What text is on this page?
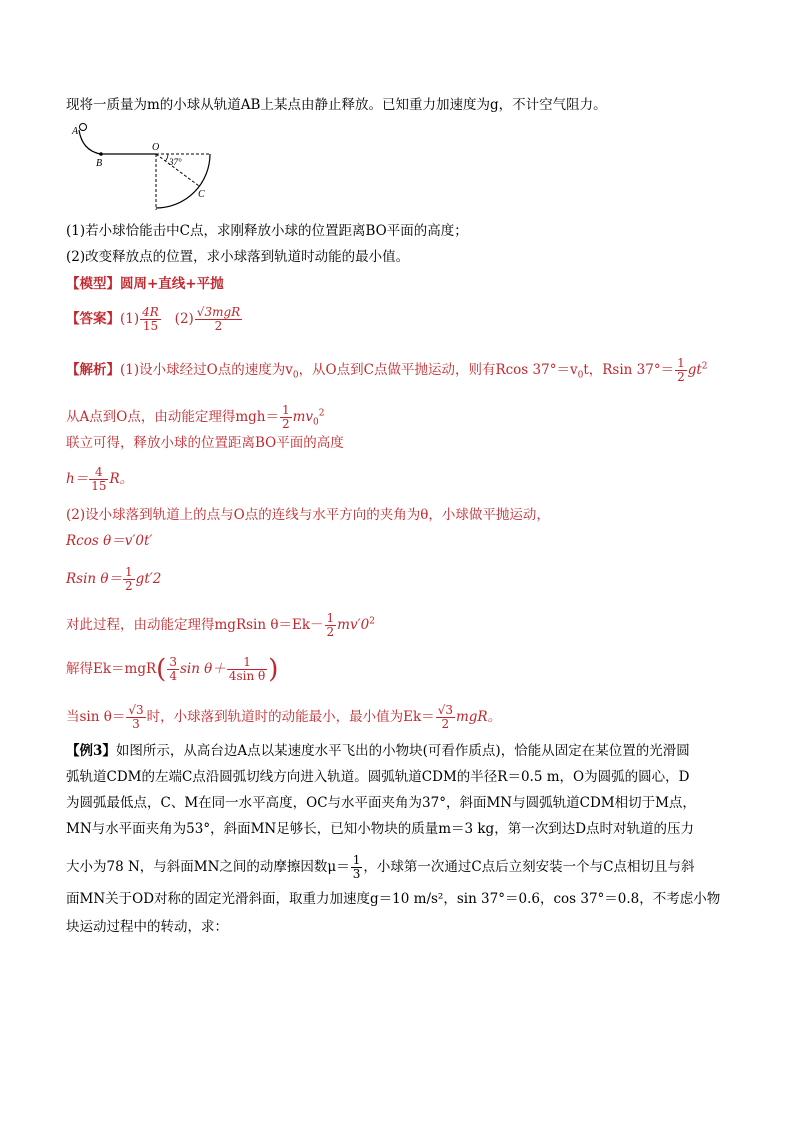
现将一质量为m的小球从轨道AB上某点由静止释放。已知重力加速度为g，不计空气阻力。
A
B
O
C
37°
(1)若小球恰能击中C点，求刚释放小球的位置距离BO平面的高度；
(2)改变释放点的位置，求小球落到轨道时动能的最小值。
【模型】圆周+直线+平抛
【答案】$(1) \frac{4R}{15} (2) \frac{\text{√3mgR}}{2}$
【解析】(1)设小球经过O点的速度为$v_0$，从O点到C点做平抛运动，则有Rcos $37^\circ=v_0t$，Rsin $37^\circ= \frac{1}{2} gt^2$
从A点到O点，由动能定理得$mgh= \frac{1}{2} mv_0^2$
联立可得，释放小球的位置距离BO平面的高度
$h= \frac{4}{15}$ R。
(2)设小球落到轨道上的点与O点的连线与水平方向的夹角为θ，小球做平抛运动，
Rcos θ＝v′0t′
Rsin $\theta= \frac{1}{2} gt'2$
对此过程，由动能定理得mgRsin $\theta=Ek- \frac{1}{2} mv'0^2$
解得$Ek=mgR( \frac{3}{4}$ $\sin \theta+ \frac{1}{\text{4sin θ}}$ )
当$\sin \theta= \frac{√3}{3}$ 时，小球落到轨道时的动能最小，最小值为$Ek= \frac{√3}{2}$ mgR。
【例3】如图所示，从高台边A点以某速度水平飞出的小物块(可看作质点)，恰能从固定在某位置的光滑圆
弧轨道CDM的左端C点沿圆弧切线方向进入轨道。圆弧轨道CDM的半径R＝0.5 m，O为圆弧的圆心，D
为圆弧最低点，C、M在同一水平高度，OC与水平面夹角为37°，斜面MN与圆弧轨道CDM相切于M点，
MN与水平面夹角为53°，斜面MN足够长，已知小物块的质量m＝3 kg，第一次到达D点时对轨道的压力
大小为78 N，与斜面MN之间的动摩擦因数$\mu= \frac{1}{3}$ ，小球第一次通过C点后立刻安装一个与C点相切且与斜
面MN关于OD对称的固定光滑斜面，取重力加速度g＝10 m/s²，sin 37°＝0.6，cos 37°＝0.8，不考虑小物
块运动过程中的转动，求：
